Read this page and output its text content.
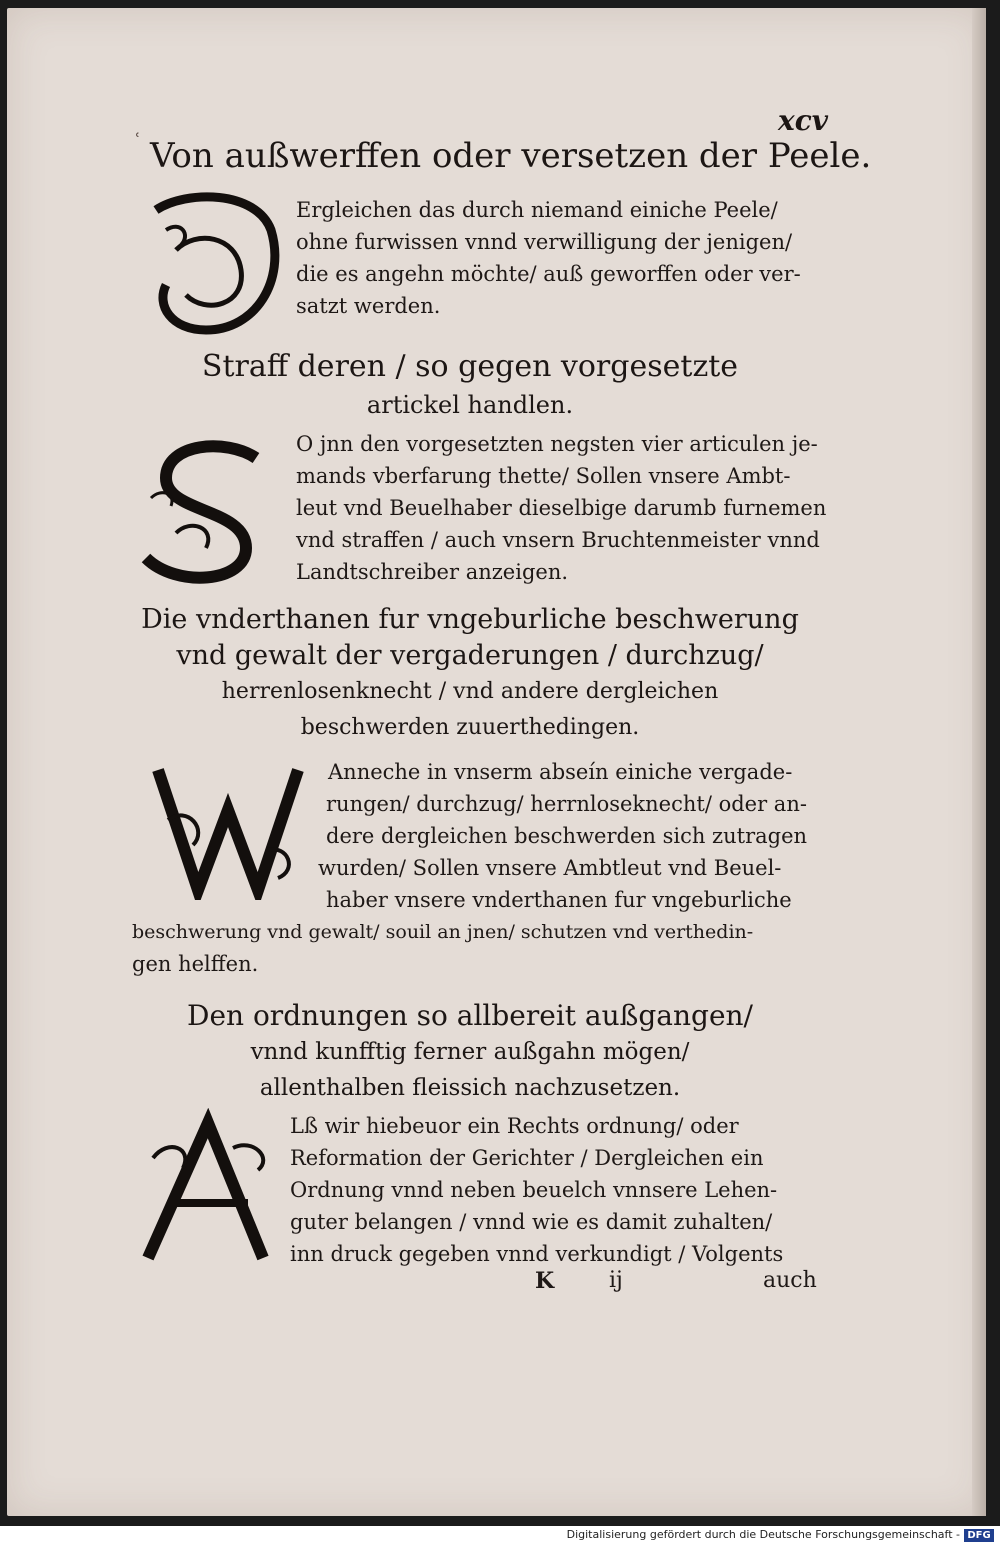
ʿ
xcv
Von außwerffen oder versetzen der Peele.
Ergleichen das durch niemand einiche Peele/
ohne furwissen vnnd verwilligung der jenigen/
die es angehn möchte/ auß geworffen oder ver-
satzt werden.
Straff deren / so gegen vorgesetzte
artickel handlen.
O jnn den vorgesetzten negsten vier articulen je-
mands vberfarung thette/ Sollen vnsere Ambt-
leut vnd Beuelhaber dieselbige darumb furnemen
vnd straffen / auch vnsern Bruchtenmeister vnnd
Landtschreiber anzeigen.
Die vnderthanen fur vngeburliche beschwerung
vnd gewalt der vergaderungen / durchzug/
herrenlosenknecht / vnd andere dergleichen
beschwerden zuuerthedingen.
Anneche in vnserm abseín einiche vergade-
rungen/ durchzug/ herrnloseknecht/ oder an-
dere dergleichen beschwerden sich zutragen
wurden/ Sollen vnsere Ambtleut vnd Beuel-
haber vnsere vnderthanen fur vngeburliche
beschwerung vnd gewalt/ souil an jnen/ schutzen vnd verthedin-
gen helffen.
Den ordnungen so allbereit außgangen/
vnnd kunfftig ferner außgahn mögen/
allenthalben fleissich nachzusetzen.
Lß wir hiebeuor ein Rechts ordnung/ oder
Reformation der Gerichter / Dergleichen ein
Ordnung vnnd neben beuelch vnnsere Lehen-
guter belangen / vnnd wie es damit zuhalten/
inn druck gegeben vnnd verkundigt / Volgents
K ij	auch
Digitalisierung gefördert durch die Deutsche Forschungsgemeinschaft - DFG
